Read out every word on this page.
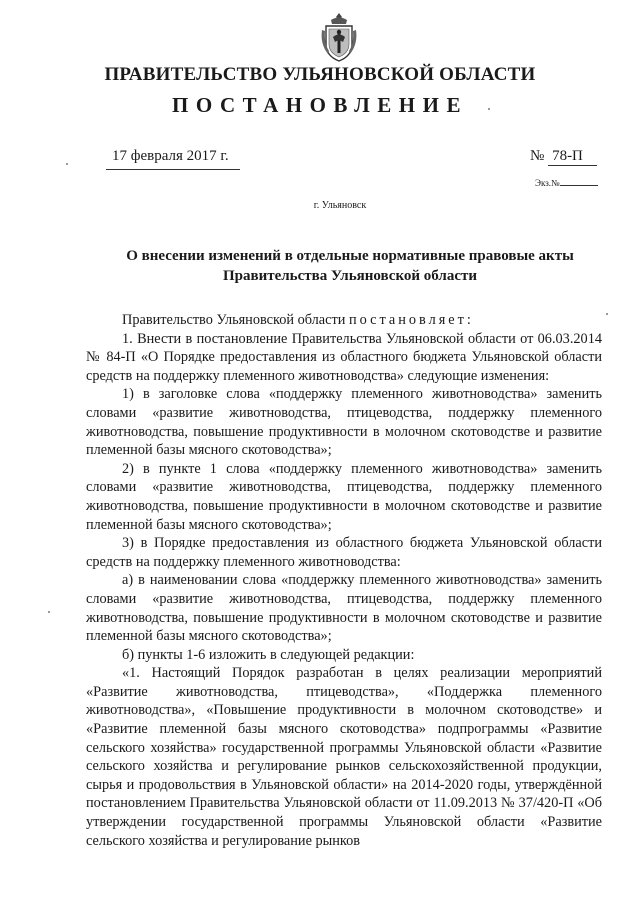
ПРАВИТЕЛЬСТВО УЛЬЯНОВСКОЙ ОБЛАСТИ
ПОСТАНОВЛЕНИЕ
17 февраля 2017 г.	№ 78-П
Экз.№
г. Ульяновск
О внесении изменений в отдельные нормативные правовые акты
Правительства Ульяновской области

Правительство Ульяновской области постановляет:

1. Внести в постановление Правительства Ульяновской области от 06.03.2014 № 84-П «О Порядке предоставления из областного бюджета Ульяновской области средств на поддержку племенного животноводства» следующие изменения:

1) в заголовке слова «поддержку племенного животноводства» заменить словами «развитие животноводства, птицеводства, поддержку племенного животноводства, повышение продуктивности в молочном скотоводстве и развитие племенной базы мясного скотоводства»;

2) в пункте 1 слова «поддержку племенного животноводства» заменить словами «развитие животноводства, птицеводства, поддержку племенного животноводства, повышение продуктивности в молочном скотоводстве и развитие племенной базы мясного скотоводства»;

3) в Порядке предоставления из областного бюджета Ульяновской области средств на поддержку племенного животноводства:

а) в наименовании слова «поддержку племенного животноводства» заменить словами «развитие животноводства, птицеводства, поддержку племенного животноводства, повышение продуктивности в молочном скотоводстве и развитие племенной базы мясного скотоводства»;

б) пункты 1-6 изложить в следующей редакции:

«1. Настоящий Порядок разработан в целях реализации мероприятий «Развитие животноводства, птицеводства», «Поддержка племенного животноводства», «Повышение продуктивности в молочном скотоводстве» и «Развитие племенной базы мясного скотоводства» подпрограммы «Развитие сельского хозяйства» государственной программы Ульяновской области «Развитие сельского хозяйства и регулирование рынков сельскохозяйственной продукции, сырья и продовольствия в Ульяновской области» на 2014-2020 годы, утверждённой постановлением Правительства Ульяновской области от 11.09.2013 № 37/420-П «Об утверждении государственной программы Ульяновской области «Развитие сельского хозяйства и регулирование рынков
